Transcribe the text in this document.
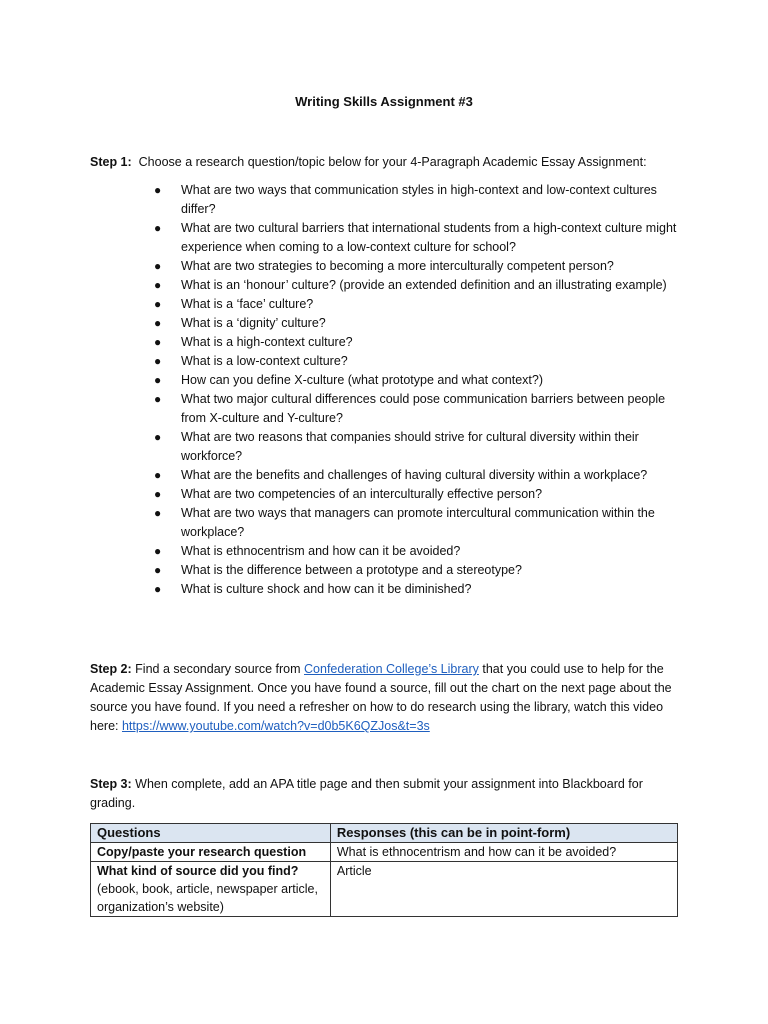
Writing Skills Assignment #3
Step 1: Choose a research question/topic below for your 4-Paragraph Academic Essay Assignment:
● What are two ways that communication styles in high-context and low-context cultures differ?
● What are two cultural barriers that international students from a high-context culture might experience when coming to a low-context culture for school?
● What are two strategies to becoming a more interculturally competent person?
● What is an ‘honour’ culture? (provide an extended definition and an illustrating example)
● What is a ‘face’ culture?
● What is a ‘dignity’ culture?
● What is a high-context culture?
● What is a low-context culture?
● How can you define X-culture (what prototype and what context?)
● What two major cultural differences could pose communication barriers between people from X-culture and Y-culture?
● What are two reasons that companies should strive for cultural diversity within their workforce?
● What are the benefits and challenges of having cultural diversity within a workplace?
● What are two competencies of an interculturally effective person?
● What are two ways that managers can promote intercultural communication within the workplace?
● What is ethnocentrism and how can it be avoided?
● What is the difference between a prototype and a stereotype?
● What is culture shock and how can it be diminished?
Step 2: Find a secondary source from Confederation College’s Library that you could use to help for the Academic Essay Assignment. Once you have found a source, fill out the chart on the next page about the source you have found. If you need a refresher on how to do research using the library, watch this video here: https://www.youtube.com/watch?v=d0b5K6QZJos&t=3s
Step 3: When complete, add an APA title page and then submit your assignment into Blackboard for grading.
Questions	Responses (this can be in point-form)
Copy/paste your research question	What is ethnocentrism and how can it be avoided?
What kind of source did you find?
(ebook, book, article, newspaper article, organization’s website)	Article
